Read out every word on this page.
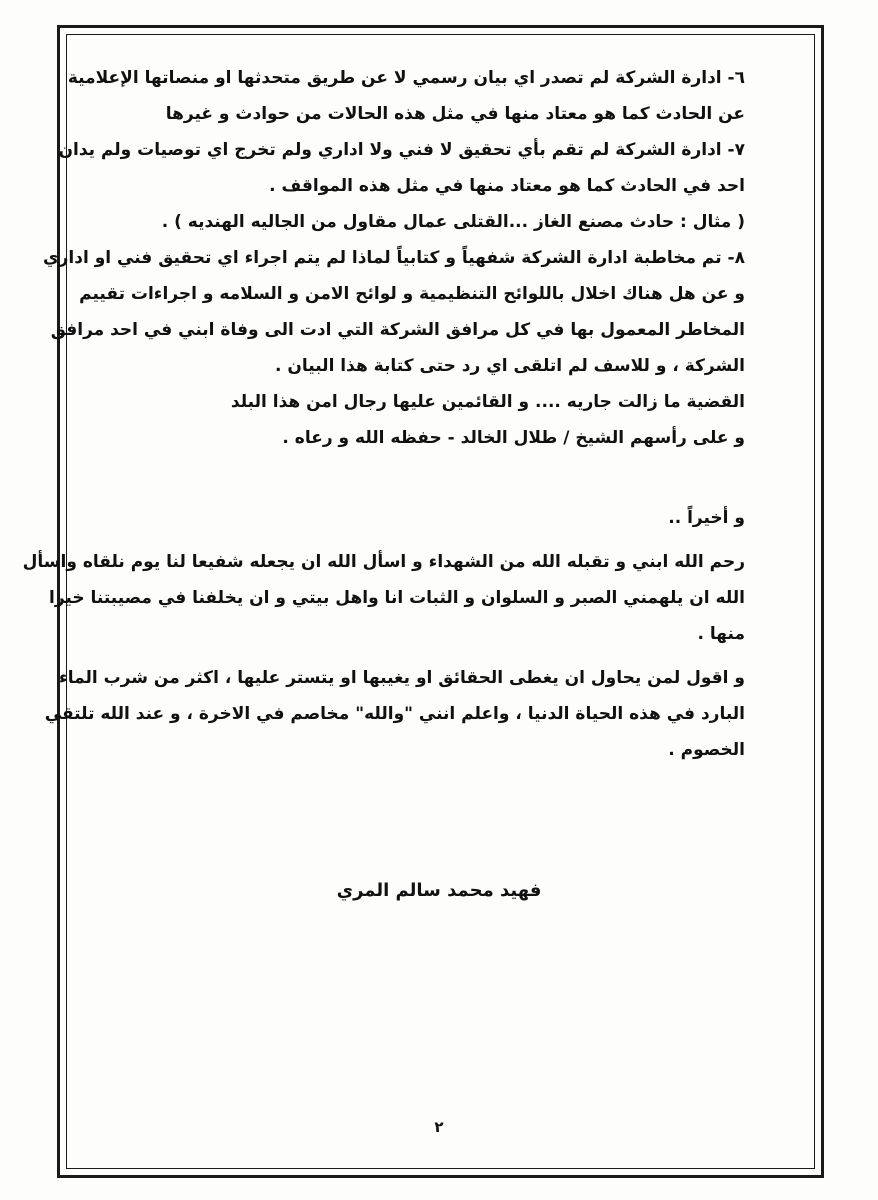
٦- ادارة الشركة لم تصدر اي بيان رسمي لا عن طريق متحدثها او منصاتها الإعلامية
عن الحادث كما هو معتاد منها في مثل هذه الحالات من حوادث و غيرها
٧- ادارة الشركة لم تقم بأي تحقيق لا فني ولا اداري ولم تخرج اي توصيات ولم يدان
احد في الحادث كما هو معتاد منها في مثل هذه المواقف .
( مثال : حادث مصنع الغاز ...القتلى عمال مقاول من الجاليه الهنديه ) .
٨- تم مخاطبة ادارة الشركة شفهياً و كتابياً لماذا لم يتم اجراء اي تحقيق فني او اداري
و عن هل هناك اخلال باللوائح التنظيمية و لوائح الامن و السلامه و اجراءات تقييم
المخاطر المعمول بها في كل مرافق الشركة التي ادت الى وفاة ابني في احد مرافق
الشركة ، و للاسف لم اتلقى اي رد حتى كتابة هذا البيان .
القضية ما زالت جاريه .... و القائمين عليها رجال امن هذا البلد
و على رأسهم الشيخ / طلال الخالد - حفظه الله و رعاه .
و أخيراً ..
رحم الله ابني و تقبله الله من الشهداء و اسأل الله ان يجعله شفيعا لنا يوم نلقاه واسأل
الله ان يلهمني الصبر و السلوان و الثبات انا واهل بيتي و ان يخلفنا في مصيبتنا خيرا
منها .
و اقول لمن يحاول ان يغطى الحقائق او يغيبها او يتستر عليها ، اكثر من شرب الماء
البارد في هذه الحياة الدنيا ، واعلم انني "والله" مخاصم في الاخرة ، و عند الله تلتقي
الخصوم .
فهيد محمد سالم المري
٢
